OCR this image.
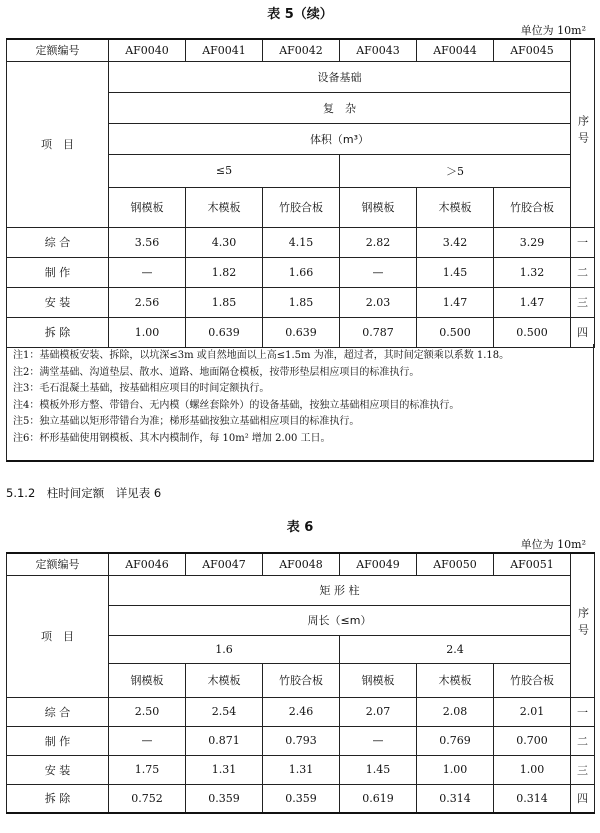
表 5（续）
单位为 10m²
定额编号	AF0040	AF0041	AF0042	AF0043	AF0044	AF0045	序号
项　目	设备基础						
	复　杂						
	体积（m³）						
	≤5			＞5			
	钢模板	木模板	竹胶合板	钢模板	木模板	竹胶合板	
综 合	3.56	4.30	4.15	2.82	3.42	3.29	一
制 作	—	1.82	1.66	—	1.45	1.32	二
安 装	2.56	1.85	1.85	2.03	1.47	1.47	三
拆 除	1.00	0.639	0.639	0.787	0.500	0.500	四
注1：基础模板安装、拆除，以坑深≤3m 或自然地面以上高≤1.5m 为准，超过者，其时间定额乘以系数 1.18。
注2：满堂基础、沟道垫层、散水、道路、地面隔仓模板，按带形垫层相应项目的标准执行。
注3：毛石混凝土基础，按基础相应项目的时间定额执行。
注4：模板外形方整、带错台、无内模（螺丝套除外）的设备基础，按独立基础相应项目的标准执行。
注5：独立基础以矩形带错台为准；梯形基础按独立基础相应项目的标准执行。
注6：杯形基础使用钢模板、其木内模制作，每 10m² 增加 2.00 工日。
5.1.2　柱时间定额　详见表 6
表 6
单位为 10m²
定额编号	AF0046	AF0047	AF0048	AF0049	AF0050	AF0051	序号
项　目	矩 形 柱						
	周长（≤m）						
	1.6			2.4			
	钢模板	木模板	竹胶合板	钢模板	木模板	竹胶合板	
综 合	2.50	2.54	2.46	2.07	2.08	2.01	一
制 作	—	0.871	0.793	—	0.769	0.700	二
安 装	1.75	1.31	1.31	1.45	1.00	1.00	三
拆 除	0.752	0.359	0.359	0.619	0.314	0.314	四
